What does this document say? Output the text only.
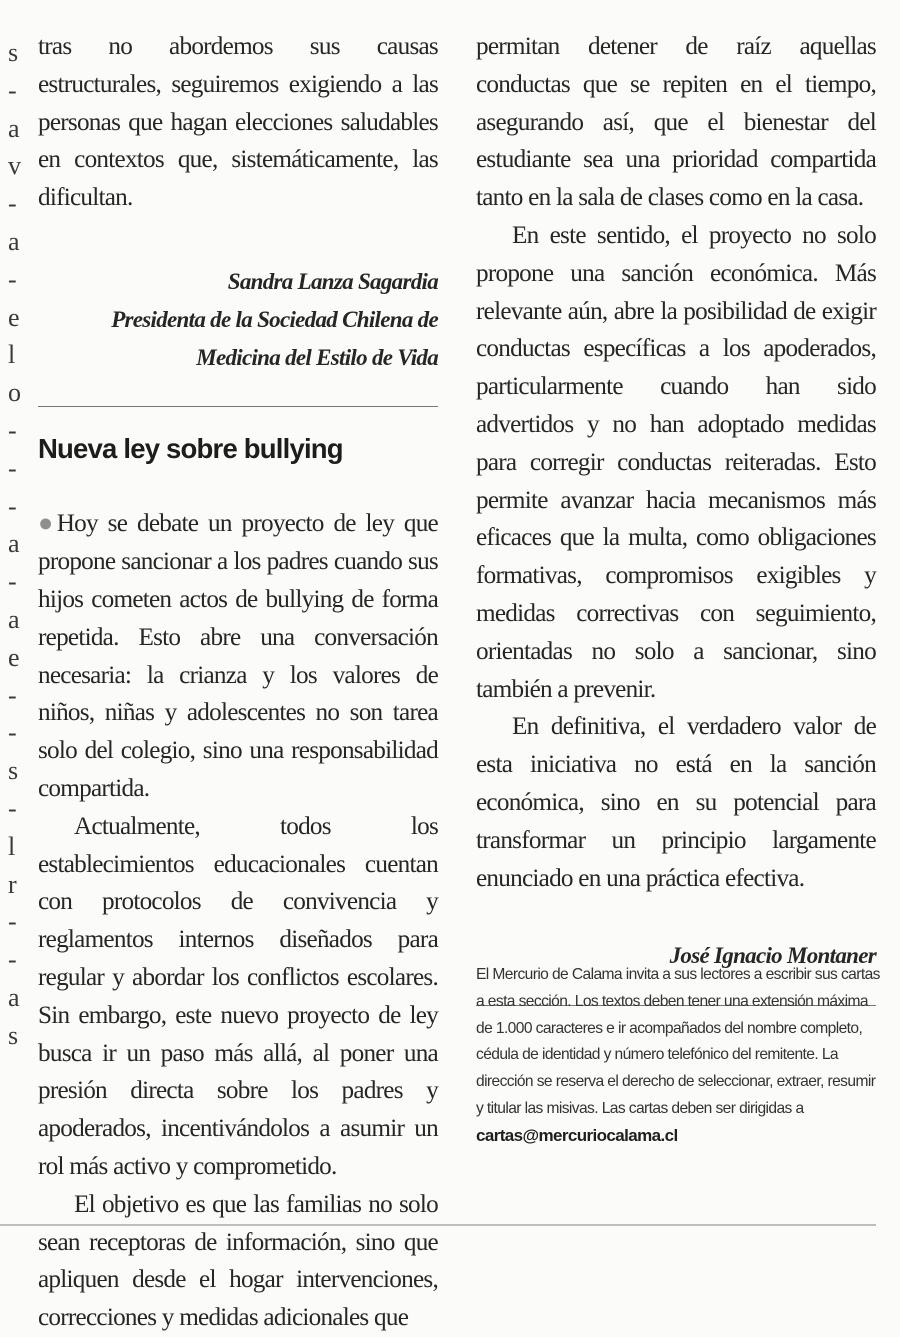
s
-
a
v
-
a
-
e
l
o
-
-
-
a
-
a
e
-
-
s
-
l
r
-
-
a
s

tras no abordemos sus causas estructurales, seguiremos exigiendo a las personas que hagan elecciones saludables en contextos que, sistemáticamente, las dificultan.

Sandra Lanza Sagardia

Presidenta de la Sociedad Chilena de

Medicina del Estilo de Vida

Nueva ley sobre bullying

●Hoy se debate un proyecto de ley que propone sancionar a los padres cuando sus hijos cometen actos de bullying de forma repetida. Esto abre una conversación necesaria: la crianza y los valores de niños, niñas y adolescentes no son tarea solo del colegio, sino una responsabilidad compartida.

Actualmente, todos los establecimientos educacionales cuentan con protocolos de convivencia y reglamentos internos diseñados para regular y abordar los conflictos escolares. Sin embargo, este nuevo proyecto de ley busca ir un paso más allá, al poner una presión directa sobre los padres y apoderados, incentivándolos a asumir un rol más activo y comprometido.

El objetivo es que las familias no solo sean receptoras de información, sino que apliquen desde el hogar intervenciones, correcciones y medidas adicionales que

permitan detener de raíz aquellas conductas que se repiten en el tiempo, asegurando así, que el bienestar del estudiante sea una prioridad compartida tanto en la sala de clases como en la casa.

En este sentido, el proyecto no solo propone una sanción económica. Más relevante aún, abre la posibilidad de exigir conductas específicas a los apoderados, particularmente cuando han sido advertidos y no han adoptado medidas para corregir conductas reiteradas. Esto permite avanzar hacia mecanismos más eficaces que la multa, como obligaciones formativas, compromisos exigibles y medidas correctivas con seguimiento, orientadas no solo a sancionar, sino también a prevenir.

En definitiva, el verdadero valor de esta iniciativa no está en la sanción económica, sino en su potencial para transformar un principio largamente enunciado en una práctica efectiva.

José Ignacio Montaner

El Mercurio de Calama invita a sus lectores a escribir sus cartas a esta sección. Los textos deben tener una extensión máxima de 1.000 caracteres e ir acompañados del nombre completo, cédula de identidad y número telefónico del remitente. La dirección se reserva el derecho de seleccionar, extraer, resumir y titular las misivas. Las cartas deben ser dirigidas a cartas@mercuriocalama.cl
